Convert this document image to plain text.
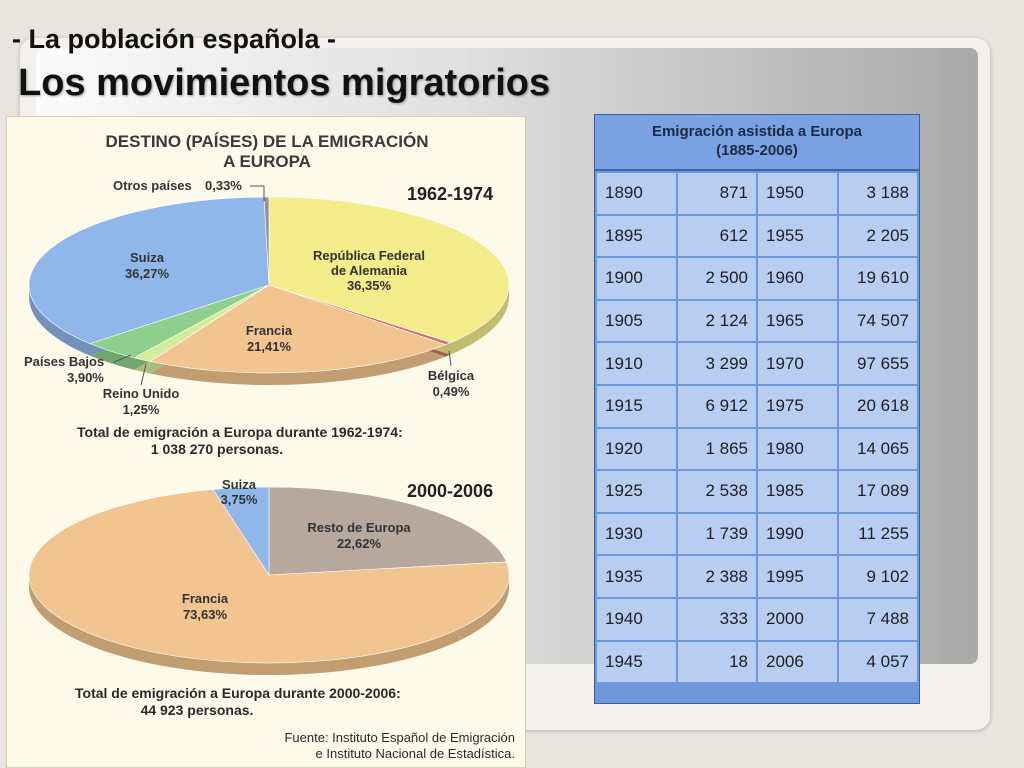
- La población española -
Los movimientos migratorios
DESTINO (PAÍSES) DE LA EMIGRACIÓN
A EUROPA
1962-1974
2000-2006
Otros países 0,33%
Suiza
36,27%
República Federal
de Alemania
36,35%
Francia
21,41%
Países Bajos
3,90%
Reino Unido
1,25%
Bélgica
0,49%
Total de emigración a Europa durante 1962-1974:
1 038 270 personas.
Suiza
3,75%
Resto de Europa
22,62%
Francia
73,63%
Total de emigración a Europa durante 2000-2006:
44 923 personas.
Fuente: Instituto Español de Emigración
e Instituto Nacional de Estadística.
Emigración asistida a Europa
(1885-2006)
1890	871	1950	3 188
1895	612	1955	2 205
1900	2 500	1960	19 610
1905	2 124	1965	74 507
1910	3 299	1970	97 655
1915	6 912	1975	20 618
1920	1 865	1980	14 065
1925	2 538	1985	17 089
1930	1 739	1990	11 255
1935	2 388	1995	9 102
1940	333	2000	7 488
1945	18	2006	4 057
